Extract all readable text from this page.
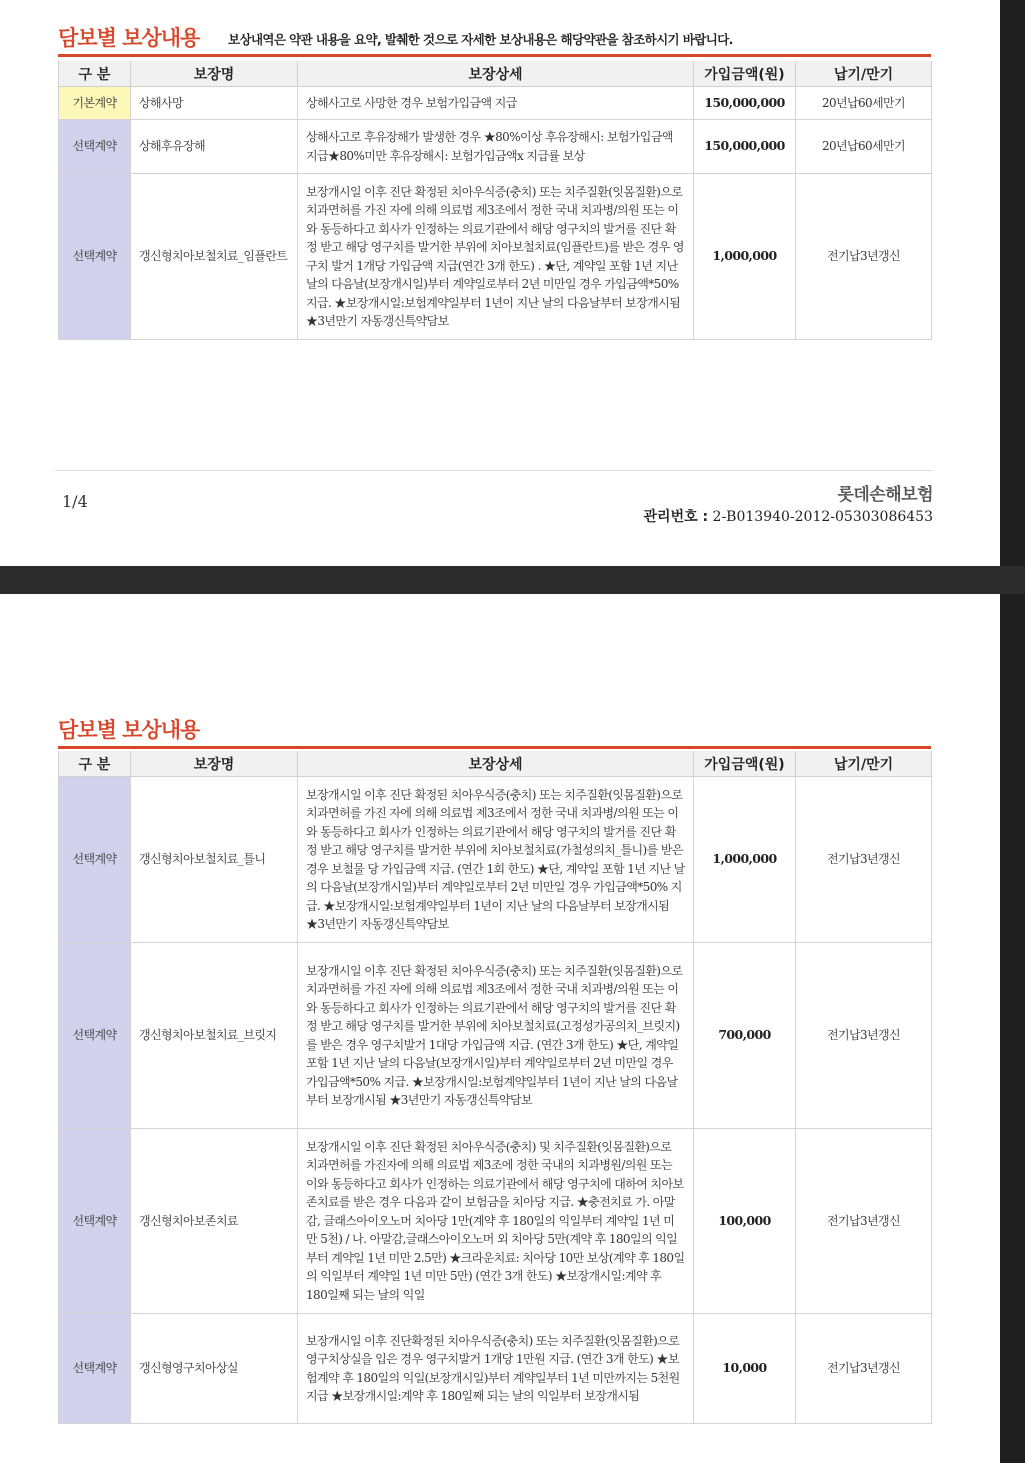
담보별 보상내용 보상내역은 약관 내용을 요약, 발췌한 것으로 자세한 보상내용은 해당약관을 참조하시기 바랍니다.
구 분	보장명	보장상세	가입금액(원)	납기/만기
기본계약	상해사망	상해사고로 사망한 경우 보험가입금액 지급	150,000,000	20년납60세만기
선택계약	상해후유장해	상해사고로 후유장해가 발생한 경우 ★80%이상 후유장해시: 보험가입금액 지급★80%미만 후유장해시: 보험가입금액x 지급률 보상	150,000,000	20년납60세만기
선택계약	갱신형치아보철치료_임플란트	보장개시일 이후 진단 확정된 치아우식증(충치) 또는 치주질환(잇몸질환)으로 치과면허를 가진 자에 의해 의료법 제3조에서 정한 국내 치과병/의원 또는 이와 동등하다고 회사가 인정하는 의료기관에서 해당 영구치의 발거를 진단 확정 받고 해당 영구치를 발거한 부위에 치아보철치료(임플란트)를 받은 경우 영구치 발거 1개당 가입금액 지급(연간 3개 한도) . ★단, 계약일 포함 1년 지난 날의 다음날(보장개시일)부터 계약일로부터 2년 미만일 경우 가입금액*50% 지급. ★보장개시일:보험계약일부터 1년이 지난 날의 다음날부터 보장개시됨 ★3년만기 자동갱신특약담보	1,000,000	전기납3년갱신
1/4	롯데손해보험
관리번호 : 2-B013940-2012-05303086453
담보별 보상내용
구 분	보장명	보장상세	가입금액(원)	납기/만기
선택계약	갱신형치아보철치료_틀니	보장개시일 이후 진단 확정된 치아우식증(충치) 또는 치주질환(잇몸질환)으로 치과면허를 가진 자에 의해 의료법 제3조에서 정한 국내 치과병/의원 또는 이와 동등하다고 회사가 인정하는 의료기관에서 해당 영구치의 발거를 진단 확정 받고 해당 영구치를 발거한 부위에 치아보철치료(가철성의치_틀니)를 받은 경우 보철물 당 가입금액 지급. (연간 1회 한도) ★단, 계약일 포함 1년 지난 날의 다음날(보장개시일)부터 계약일로부터 2년 미만일 경우 가입금액*50% 지급. ★보장개시일:보험계약일부터 1년이 지난 날의 다음날부터 보장개시됨 ★3년만기 자동갱신특약담보	1,000,000	전기납3년갱신
선택계약	갱신형치아보철치료_브릿지	보장개시일 이후 진단 확정된 치아우식증(충치) 또는 치주질환(잇몸질환)으로 치과면허를 가진 자에 의해 의료법 제3조에서 정한 국내 치과병/의원 또는 이와 동등하다고 회사가 인정하는 의료기관에서 해당 영구치의 발거를 진단 확정 받고 해당 영구치를 발거한 부위에 치아보철치료(고정성가공의치_브릿지)를 받은 경우 영구치발거 1대당 가입금액 지급. (연간 3개 한도) ★단, 계약일 포함 1년 지난 날의 다음날(보장개시일)부터 계약일로부터 2년 미만일 경우 가입금액*50% 지급. ★보장개시일:보험계약일부터 1년이 지난 날의 다음날부터 보장개시됨 ★3년만기 자동갱신특약담보	700,000	전기납3년갱신
선택계약	갱신형치아보존치료	보장개시일 이후 진단 확정된 치아우식증(충치) 및 치주질환(잇몸질환)으로 치과면허를 가진자에 의해 의료법 제3조에 정한 국내의 치과병원/의원 또는 이와 동등하다고 회사가 인정하는 의료기관에서 해당 영구치에 대하여 치아보존치료를 받은 경우 다음과 같이 보험금을 치아당 지급. ★충전치료 가. 아말감, 글래스아이오노머 치아당 1만(계약 후 180일의 익일부터 계약일 1년 미만 5천) / 나. 아말감,글래스아이오노머 외 치아당 5만(계약 후 180일의 익일부터 계약일 1년 미만 2.5만) ★크라운치료: 치아당 10만 보상(계약 후 180일의 익일부터 계약일 1년 미만 5만) (연간 3개 한도) ★보장개시일:계약 후 180일째 되는 날의 익일	100,000	전기납3년갱신
선택계약	갱신형영구치아상실	보장개시일 이후 진단확정된 치아우식증(충치) 또는 치주질환(잇몸질환)으로 영구치상실을 입은 경우 영구치발거 1개당 1만원 지급. (연간 3개 한도) ★보험계약 후 180일의 익일(보장개시일)부터 계약일부터 1년 미만까지는 5천원 지급 ★보장개시일:계약 후 180일째 되는 날의 익일부터 보장개시됨	10,000	전기납3년갱신
